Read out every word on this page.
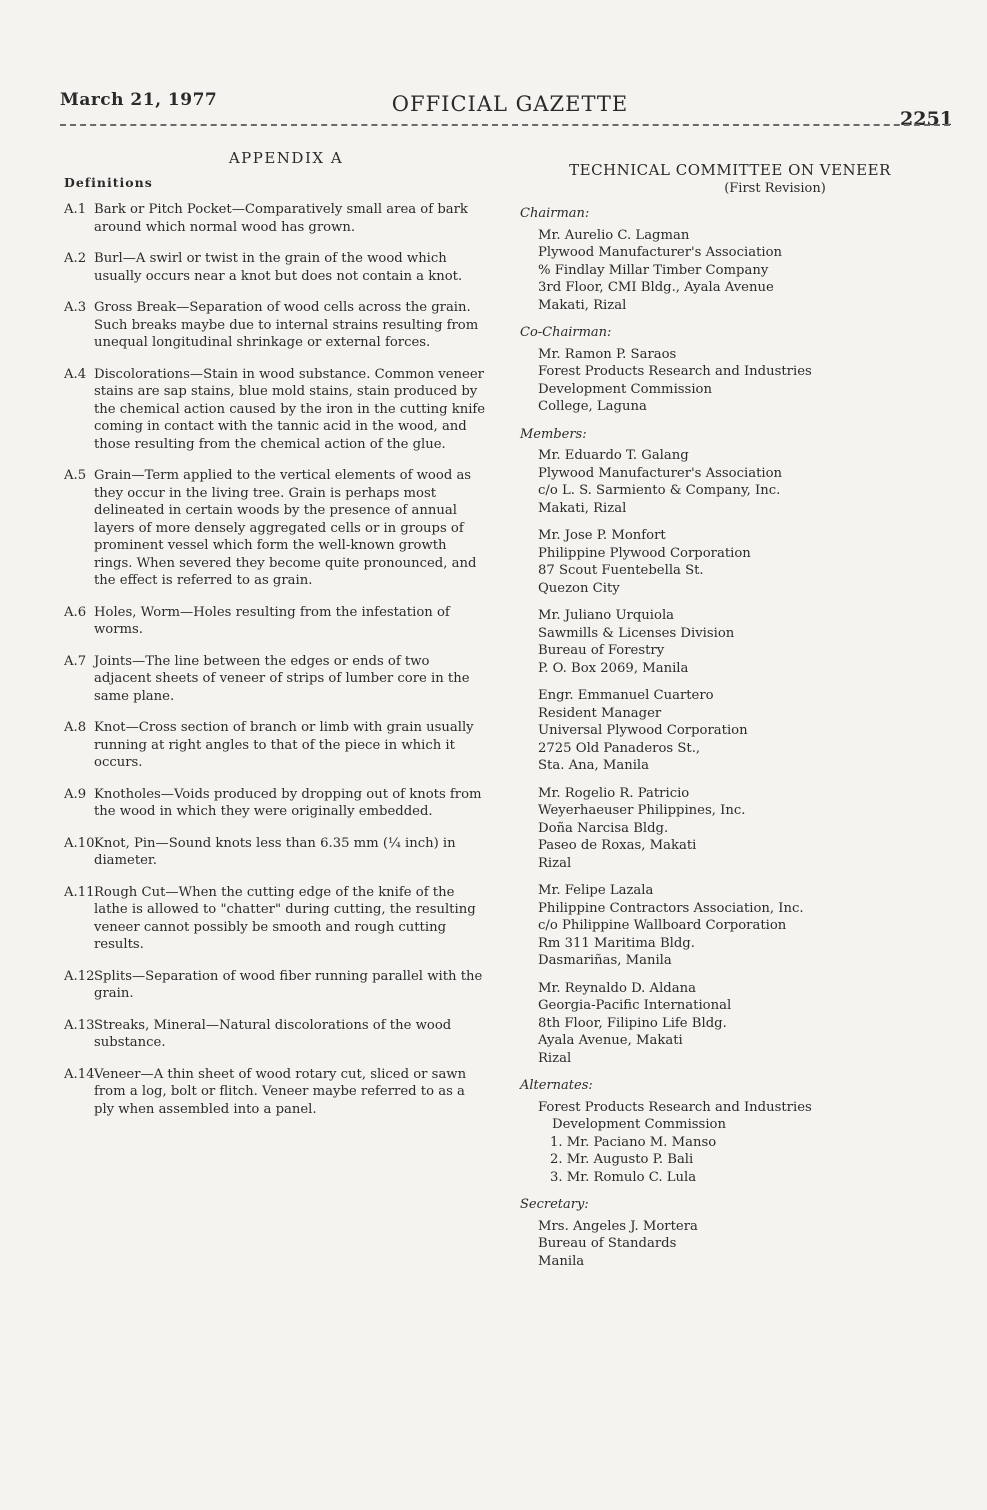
March 21, 1977	OFFICIAL GAZETTE
2251
APPENDIX A
Definitions
A.1 Bark or Pitch Pocket—Comparatively small area of bark around which normal wood has grown.
A.2 Burl—A swirl or twist in the grain of the wood which usually occurs near a knot but does not contain a knot.
A.3 Gross Break—Separation of wood cells across the grain. Such breaks maybe due to internal strains resulting from unequal longitudinal shrinkage or external forces.
A.4 Discolorations—Stain in wood substance. Common veneer stains are sap stains, blue mold stains, stain produced by the chemical action caused by the iron in the cutting knife coming in contact with the tannic acid in the wood, and those resulting from the chemical action of the glue.
A.5 Grain—Term applied to the vertical elements of wood as they occur in the living tree. Grain is perhaps most delineated in certain woods by the presence of annual layers of more densely aggregated cells or in groups of prominent vessel which form the well-known growth rings. When severed they become quite pronounced, and the effect is referred to as grain.
A.6 Holes, Worm—Holes resulting from the infestation of worms.
A.7 Joints—The line between the edges or ends of two adjacent sheets of veneer of strips of lumber core in the same plane.
A.8 Knot—Cross section of branch or limb with grain usually running at right angles to that of the piece in which it occurs.
A.9 Knotholes—Voids produced by dropping out of knots from the wood in which they were originally embedded.
A.10 Knot, Pin—Sound knots less than 6.35 mm (¼ inch) in diameter.
A.11 Rough Cut—When the cutting edge of the knife of the lathe is allowed to "chatter" during cutting, the resulting veneer cannot possibly be smooth and rough cutting results.
A.12 Splits—Separation of wood fiber running parallel with the grain.
A.13 Streaks, Mineral—Natural discolorations of the wood substance.
A.14 Veneer—A thin sheet of wood rotary cut, sliced or sawn from a log, bolt or flitch. Veneer maybe referred to as a ply when assembled into a panel.
TECHNICAL COMMITTEE ON VENEER
(First Revision)
Chairman:
Mr. Aurelio C. Lagman
Plywood Manufacturer's Association
% Findlay Millar Timber Company
3rd Floor, CMI Bldg., Ayala Avenue
Makati, Rizal
Co-Chairman:
Mr. Ramon P. Saraos
Forest Products Research and Industries
Development Commission
College, Laguna
Members:
Mr. Eduardo T. Galang
Plywood Manufacturer's Association
c/o L. S. Sarmiento & Company, Inc.
Makati, Rizal
Mr. Jose P. Monfort
Philippine Plywood Corporation
87 Scout Fuentebella St.
Quezon City
Mr. Juliano Urquiola
Sawmills & Licenses Division
Bureau of Forestry
P. O. Box 2069, Manila
Engr. Emmanuel Cuartero
Resident Manager
Universal Plywood Corporation
2725 Old Panaderos St.,
Sta. Ana, Manila
Mr. Rogelio R. Patricio
Weyerhaeuser Philippines, Inc.
Doña Narcisa Bldg.
Paseo de Roxas, Makati
Rizal
Mr. Felipe Lazala
Philippine Contractors Association, Inc.
c/o Philippine Wallboard Corporation
Rm 311 Maritima Bldg.
Dasmariñas, Manila
Mr. Reynaldo D. Aldana
Georgia-Pacific International
8th Floor, Filipino Life Bldg.
Ayala Avenue, Makati
Rizal
Alternates:
Forest Products Research and Industries
Development Commission
1. Mr. Paciano M. Manso
2. Mr. Augusto P. Bali
3. Mr. Romulo C. Lula
Secretary:
Mrs. Angeles J. Mortera
Bureau of Standards
Manila
